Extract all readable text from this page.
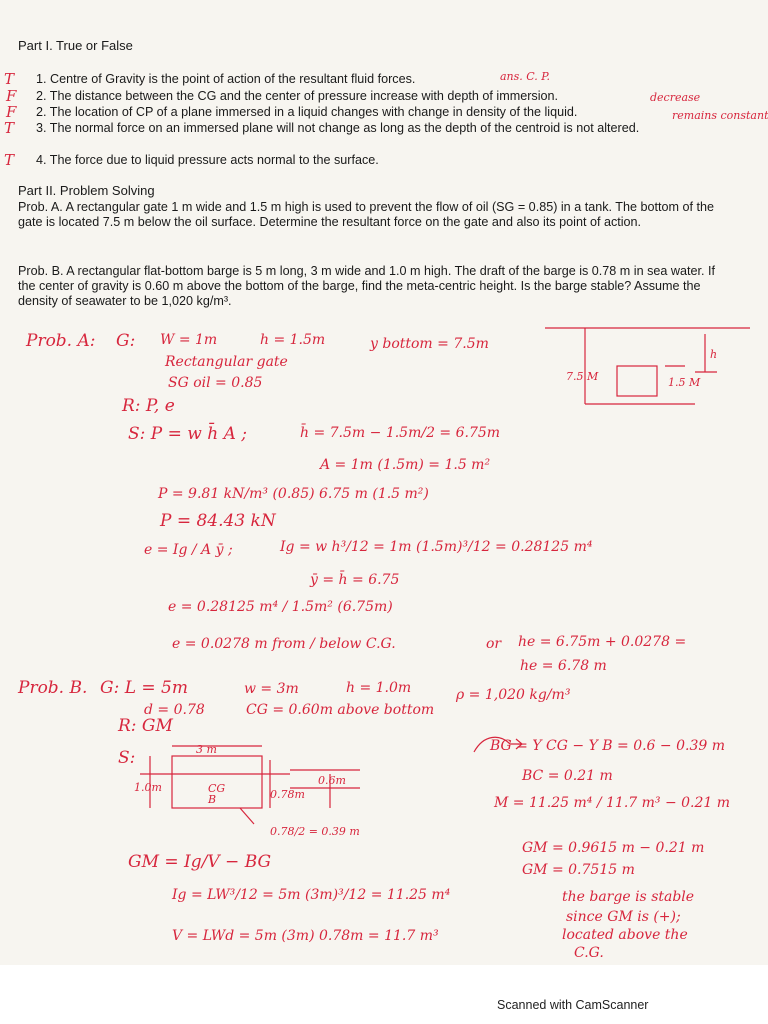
Part I. True or False
1. Centre of Gravity is the point of action of the resultant fluid forces.
2. The distance between the CG and the center of pressure increase with depth of immersion.
2. The location of CP of a plane immersed in a liquid changes with change in density of the liquid.
3. The normal force on an immersed plane will not change as long as the depth of the centroid is not altered.
4. The force due to liquid pressure acts normal to the surface.
T
F
F
T
T
ans. C. P.
decrease
remains constant
Part II. Problem Solving
Prob. A. A rectangular gate 1 m wide and 1.5 m high is used to prevent the flow of oil (SG = 0.85) in a tank. The bottom of the gate is located 7.5 m below the oil surface. Determine the resultant force on the gate and also its point of action.
Prob. B. A rectangular flat-bottom barge is 5 m long, 3 m wide and 1.0 m high. The draft of the barge is 0.78 m in sea water. If the center of gravity is 0.60 m above the bottom of the barge, find the meta-centric height. Is the barge stable? Assume the density of seawater to be 1,020 kg/m³.
Prob. A: G: W = 1m	h = 1.5m	y bottom = 7.5m
Rectangular gate
SG oil = 0.85
R: P, e
S: P = w h̄ A ;	h̄ = 7.5m − 1.5m/2 = 6.75m
A = 1m (1.5m) = 1.5 m²
P = 9.81 kN/m³ (0.85) 6.75 m (1.5 m²)
P = 84.43 kN
e = Ig / A ȳ ;	Ig = w h³/12 = 1m (1.5m)³/12 = 0.28125 m⁴
ȳ = h̄ = 6.75
e = 0.28125 m⁴ / 1.5m² (6.75m)
e = 0.0278 m from / below C.G.	or he = 6.75m + 0.0278 =
he = 6.78 m
7.5 M	1.5 M
h
Prob. B. G: L = 5m	w = 3m	h = 1.0m	ρ = 1,020 kg/m³
d = 0.78	CG = 0.60m above bottom
R: GM
S:	3 m
1.0m	CG
B	0.78m
0.6m
0.78/2 = 0.39 m
GM = Ig/V − BG
Ig = LW³/12 = 5m (3m)³/12 = 11.25 m⁴
V = LWd = 5m (3m) 0.78m = 11.7 m³
BG = Y CG − Y B = 0.6 − 0.39 m
BC = 0.21 m
M = 11.25 m⁴ / 11.7 m³ − 0.21 m
GM = 0.9615 m − 0.21 m
GM = 0.7515 m
the barge is stable
since GM is (+);
located above the
C.G.
Scanned with CamScanner
